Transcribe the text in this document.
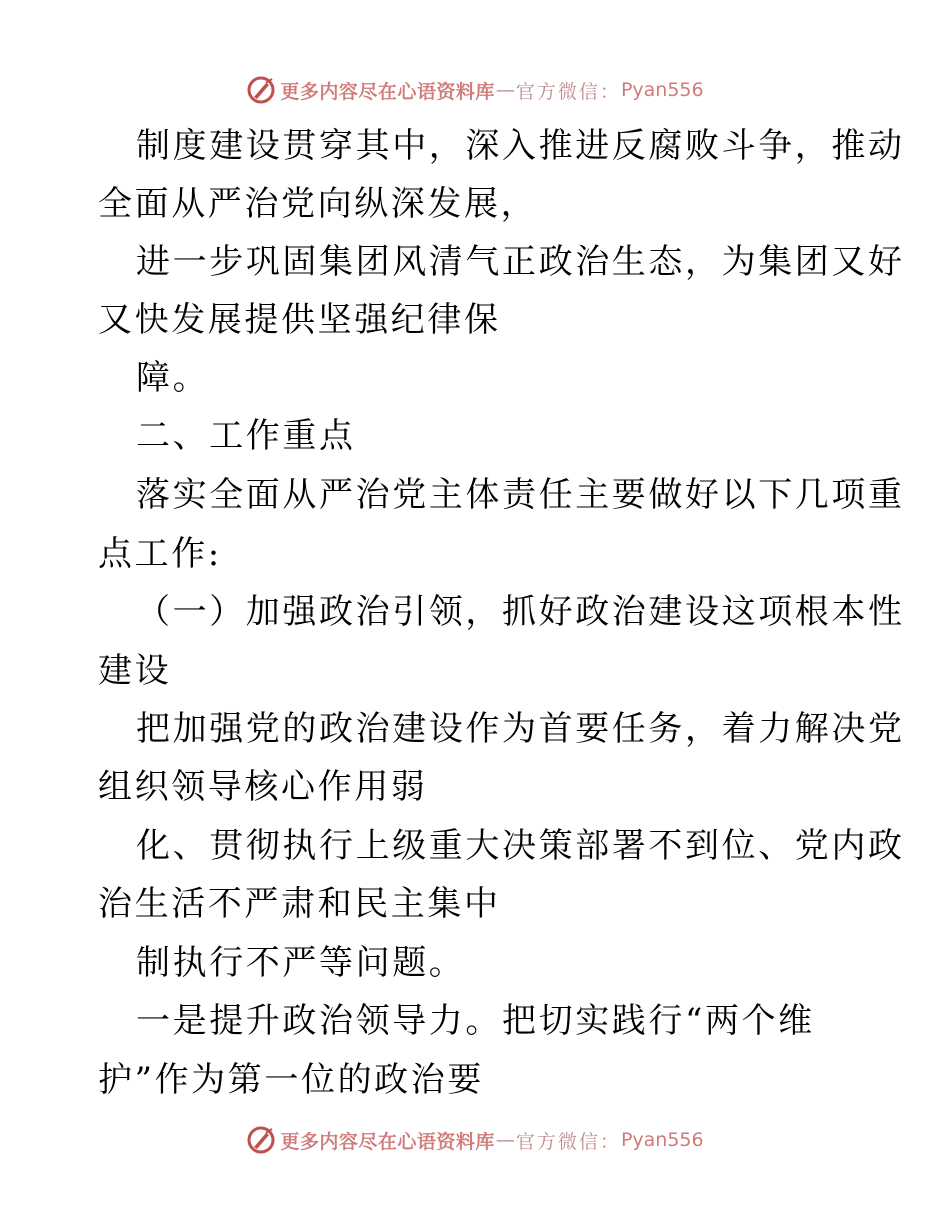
更多内容尽在心语资料库 — 官方微信： Pyan556
制度建设贯穿其中，深入推进反腐败斗争，推动
全面从严治党向纵深发展，
进一步巩固集团风清气正政治生态，为集团又好
又快发展提供坚强纪律保
障。
二、工作重点
落实全面从严治党主体责任主要做好以下几项重
点工作:
（一）加强政治引领，抓好政治建设这项根本性
建设
把加强党的政治建设作为首要任务，着力解决党
组织领导核心作用弱
化、贯彻执行上级重大决策部署不到位、党内政
治生活不严肃和民主集中
制执行不严等问题。
一是提升政治领导力。把切实践行“两个维
护”作为第一位的政治要
更多内容尽在心语资料库 — 官方微信： Pyan556
